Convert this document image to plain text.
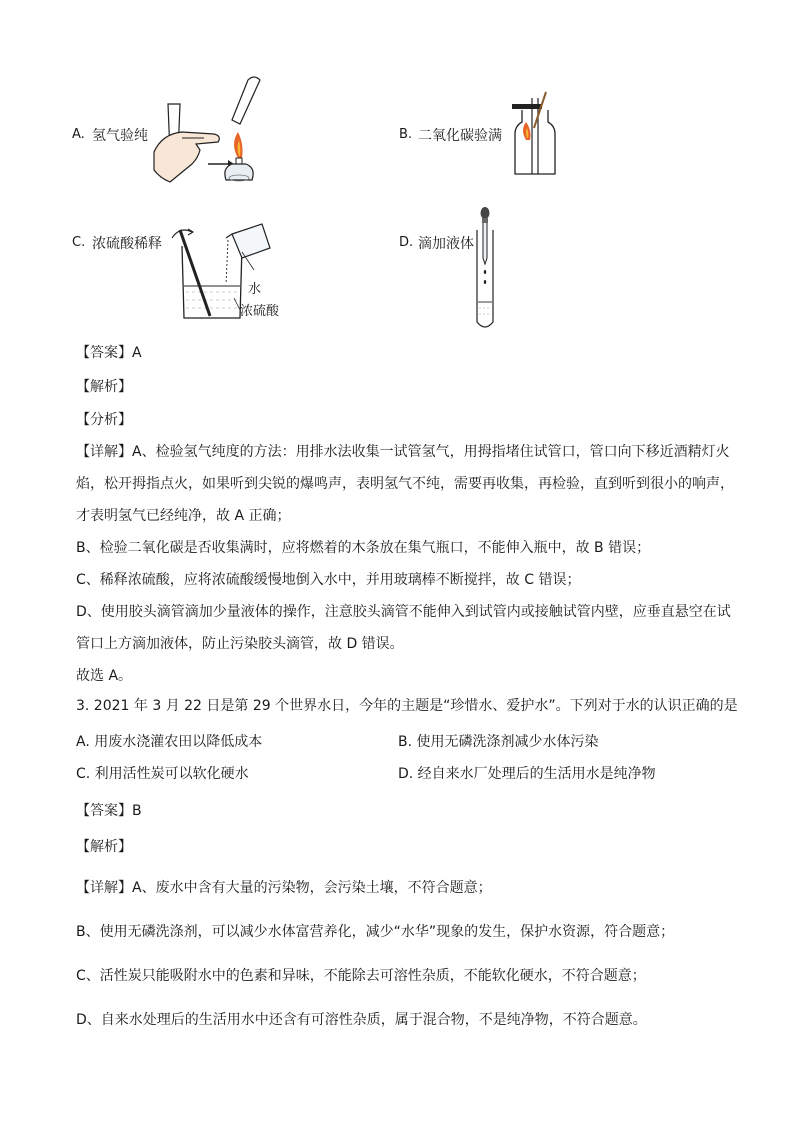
A. 氢气验纯	B. 二氧化碳验满
C. 浓硫酸稀释
水
浓硫酸
D. 滴加液体
【答案】A
【解析】
【分析】
【详解】A、检验氢气纯度的方法：用排水法收集一试管氢气，用拇指堵住试管口，管口向下移近酒精灯火
焰，松开拇指点火，如果听到尖锐的爆鸣声，表明氢气不纯，需要再收集，再检验，直到听到很小的响声，
才表明氢气已经纯净，故 A 正确；
B、检验二氧化碳是否收集满时，应将燃着的木条放在集气瓶口，不能伸入瓶中，故 B 错误；
C、稀释浓硫酸，应将浓硫酸缓慢地倒入水中，并用玻璃棒不断搅拌，故 C 错误；
D、使用胶头滴管滴加少量液体的操作，注意胶头滴管不能伸入到试管内或接触试管内壁，应垂直悬空在试
管口上方滴加液体，防止污染胶头滴管，故 D 错误。
故选 A。
3. 2021 年 3 月 22 日是第 29 个世界水日，今年的主题是“珍惜水、爱护水”。下列对于水的认识正确的是
A. 用废水浇灌农田以降低成本	B. 使用无磷洗涤剂减少水体污染
C. 利用活性炭可以软化硬水	D. 经自来水厂处理后的生活用水是纯净物
【答案】B
【解析】
【详解】A、废水中含有大量的污染物，会污染土壤，不符合题意；
B、使用无磷洗涤剂，可以减少水体富营养化，减少“水华”现象的发生，保护水资源，符合题意；
C、活性炭只能吸附水中的色素和异味，不能除去可溶性杂质，不能软化硬水，不符合题意；
D、自来水处理后的生活用水中还含有可溶性杂质，属于混合物，不是纯净物，不符合题意。
